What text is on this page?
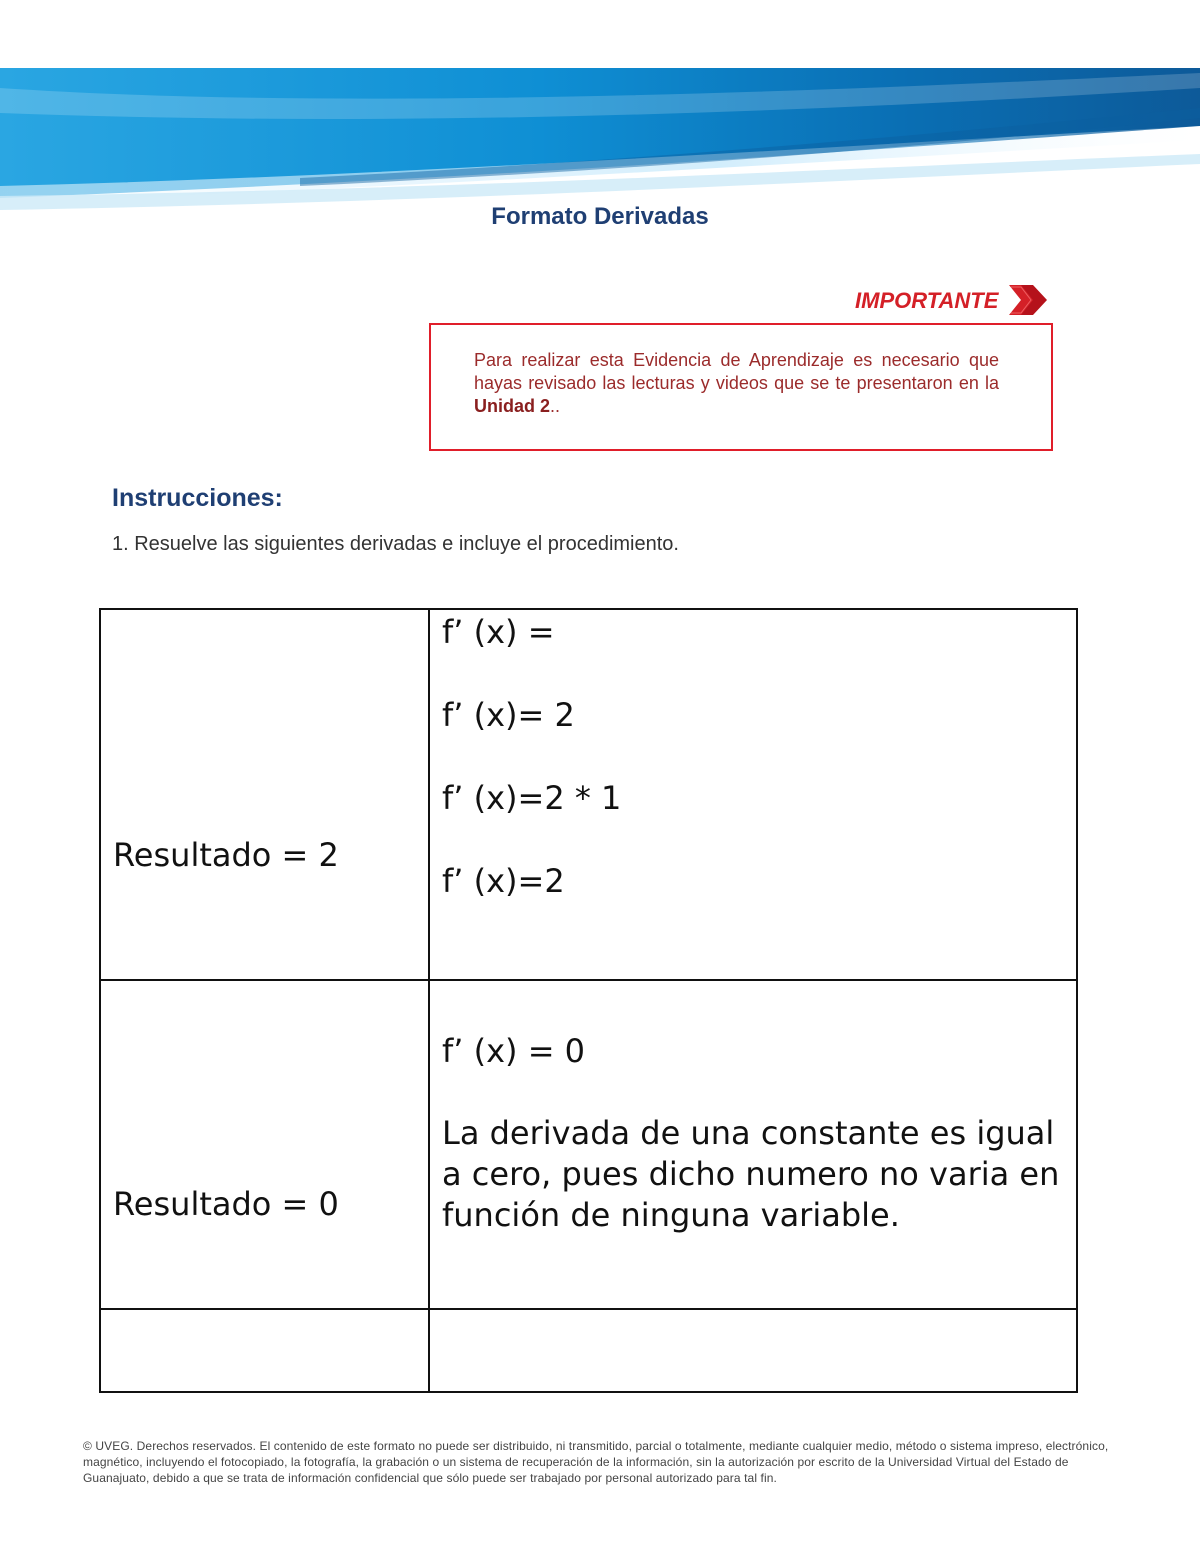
Formato Derivadas
IMPORTANTE
Para realizar esta Evidencia de Aprendizaje es necesario que hayas revisado las lecturas y videos que se te presentaron en la Unidad 2..
Instrucciones:
1. Resuelve las siguientes derivadas e incluye el procedimiento.
Resultado = 2	f’ (x) =
f’ (x)= 2
f’ (x)=2 * 1
f’ (x)=2

Resultado = 0	f’ (x) = 0
La derivada de una constante es igual a cero, pues dicho numero no varia en función de ninguna variable.

© UVEG. Derechos reservados. El contenido de este formato no puede ser distribuido, ni transmitido, parcial o totalmente, mediante cualquier medio, método o sistema impreso, electrónico, magnético, incluyendo el fotocopiado, la fotografía, la grabación o un sistema de recuperación de la información, sin la autorización por escrito de la Universidad Virtual del Estado de Guanajuato, debido a que se trata de información confidencial que sólo puede ser trabajado por personal autorizado para tal fin.
